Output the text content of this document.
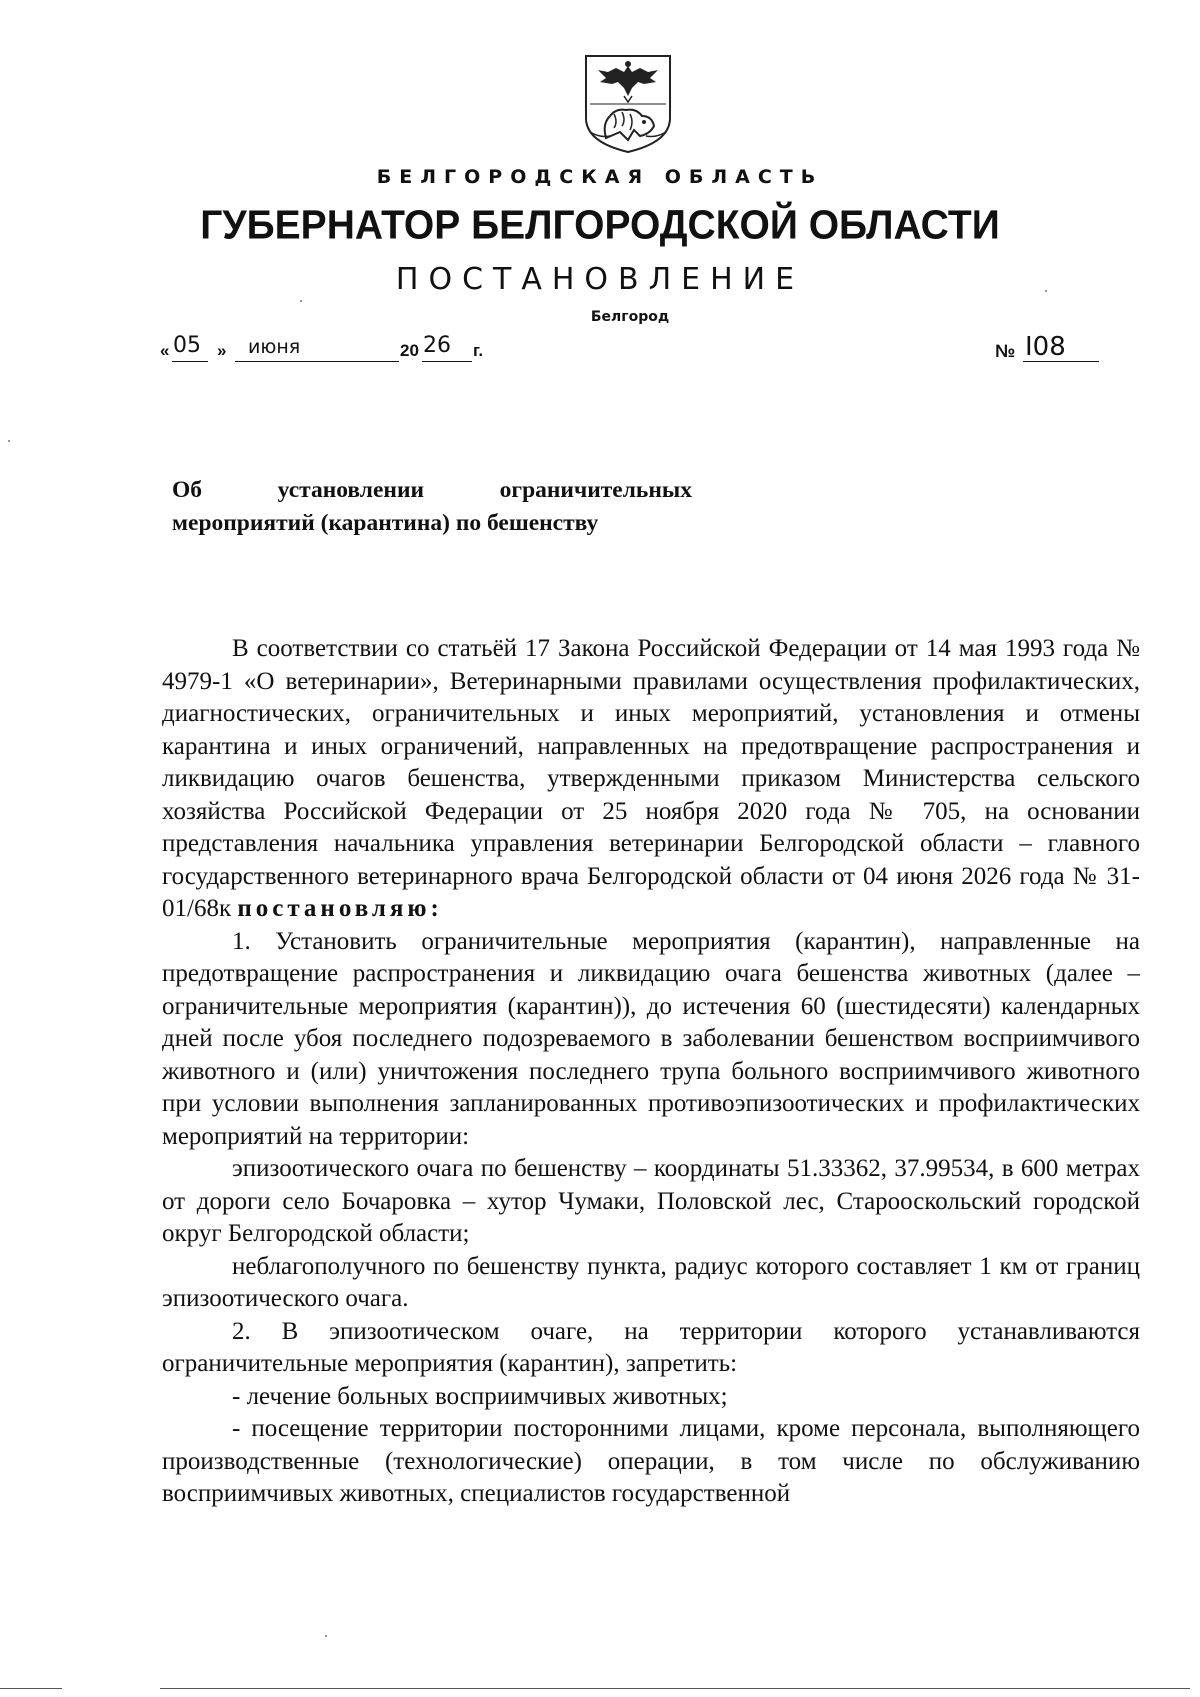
БЕЛГОРОДСКАЯ ОБЛАСТЬ
ГУБЕРНАТОР БЕЛГОРОДСКОЙ ОБЛАСТИ
ПОСТАНОВЛЕНИЕ
Белгород
« 05 » июня	20 26 г.	№ I08
Об установлении ограничительных
мероприятий (карантина) по бешенству

В соответствии со статьёй 17 Закона Российской Федерации от 14 мая 1993 года № 4979-1 «О ветеринарии», Ветеринарными правилами осуществления профилактических, диагностических, ограничительных и иных мероприятий, установления и отмены карантина и иных ограничений, направленных на предотвращение распространения и ликвидацию очагов бешенства, утвержденными приказом Министерства сельского хозяйства Российской Федерации от 25 ноября 2020 года № 705, на основании представления начальника управления ветеринарии Белгородской области – главного государственного ветеринарного врача Белгородской области от 04 июня 2026 года № 31-01/68к постановляю:

1. Установить ограничительные мероприятия (карантин), направленные на предотвращение распространения и ликвидацию очага бешенства животных (далее – ограничительные мероприятия (карантин)), до истечения 60 (шестидесяти) календарных дней после убоя последнего подозреваемого в заболевании бешенством восприимчивого животного и (или) уничтожения последнего трупа больного восприимчивого животного при условии выполнения запланированных противоэпизоотических и профилактических мероприятий на территории:

эпизоотического очага по бешенству – координаты 51.33362, 37.99534, в 600 метрах от дороги село Бочаровка – хутор Чумаки, Половской лес, Старооскольский городской округ Белгородской области;

неблагополучного по бешенству пункта, радиус которого составляет 1 км от границ эпизоотического очага.

2. В эпизоотическом очаге, на территории которого устанавливаются ограничительные мероприятия (карантин), запретить:

- лечение больных восприимчивых животных;

- посещение территории посторонними лицами, кроме персонала, выполняющего производственные (технологические) операции, в том числе по обслуживанию восприимчивых животных, специалистов государственной
